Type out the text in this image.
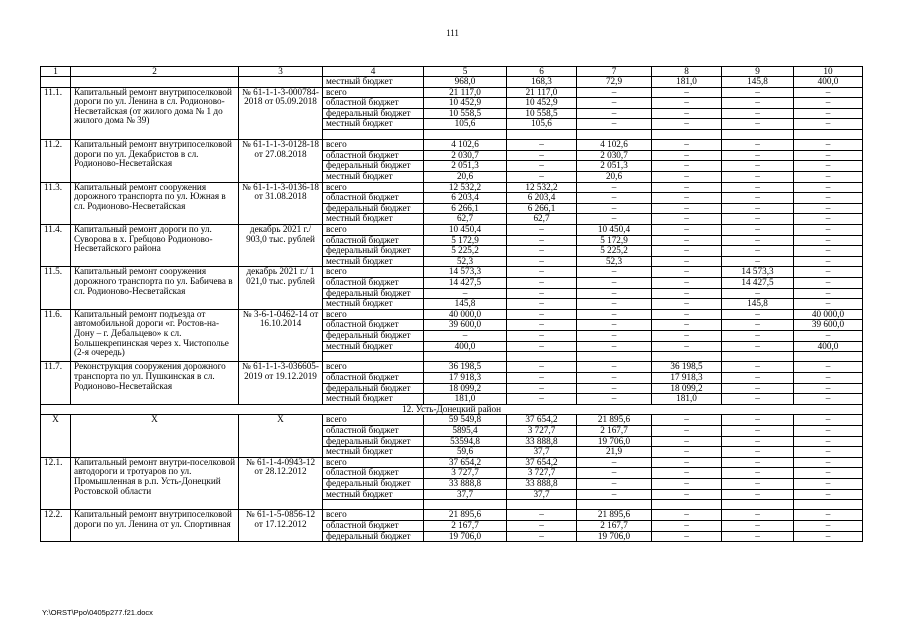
111
1	2	3	4	5	6	7	8	9	10
			местный бюджет	968,0	168,3	72,9	181,0	145,8	400,0
11.1.	Капитальный ремонт внутрипоселковой дороги по ул. Ленина в сл. Родионово-Несветайская (от жилого дома № 1 до жилого дома № 39)	№ 61-1-1-3-000784-2018 от 05.09.2018	всего	21 117,0	21 117,0	–	–	–	–
			областной бюджет	10 452,9	10 452,9	–	–	–	–
			федеральный бюджет	10 558,5	10 558,5	–	–	–	–
			местный бюджет	105,6	105,6	–	–	–	–

11.2.	Капитальный ремонт внутрипоселковой дороги по ул. Декабристов в сл. Родионово-Несветайская	№ 61-1-1-3-0128-18 от 27.08.2018	всего	4 102,6	–	4 102,6	–	–	–
			областной бюджет	2 030,7	–	2 030,7	–	–	–
			федеральный бюджет	2 051,3	–	2 051,3	–	–	–
			местный бюджет	20,6	–	20,6	–	–	–
11.3.	Капитальный ремонт сооружения дорожного транспорта по ул. Южная в сл. Родионово-Несветайская	№ 61-1-1-3-0136-18 от 31.08.2018	всего	12 532,2	12 532,2	–	–	–	–
			областной бюджет	6 203,4	6 203,4	–	–	–	–
			федеральный бюджет	6 266,1	6 266,1	–	–	–	–
			местный бюджет	62,7	62,7	–	–	–	–
11.4.	Капитальный ремонт дороги по ул. Суворова в х. Гребцово Родионово-Несветайского района	декабрь 2021 г./ 903,0 тыс. рублей	всего	10 450,4	–	10 450,4	–	–	–
			областной бюджет	5 172,9	–	5 172,9	–	–	–
			федеральный бюджет	5 225,2	–	5 225,2	–	–	–
			местный бюджет	52,3	–	52,3	–	–	–
11.5.	Капитальный ремонт сооружения дорожного транспорта по ул. Бабичева в сл. Родионово-Несветайская	декабрь 2021 г./ 1 021,0 тыс. рублей	всего	14 573,3	–	–	–	14 573,3	–
			областной бюджет	14 427,5	–	–	–	14 427,5	–
			федеральный бюджет	–	–	–	–	–	–
			местный бюджет	145,8	–	–	–	145,8	–
11.6.	Капитальный ремонт подъезда от автомобильной дороги «г. Ростов-на-Дону – г. Дебальцево» к сл. Большекрепинская через х. Чистополье (2-я очередь)	№ 3-6-1-0462-14 от 16.10.2014	всего	40 000,0	–	–	–	–	40 000,0
			областной бюджет	39 600,0	–	–	–	–	39 600,0
			федеральный бюджет	–	–	–	–	–	–
			местный бюджет	400,0	–	–	–	–	400,0

11.7.	Реконструкция сооружения дорожного транспорта по ул. Пушкинская в сл. Родионово-Несветайская	№ 61-1-1-3-036605-2019 от 19.12.2019	всего	36 198,5	–	–	36 198,5	–	–
			областной бюджет	17 918,3	–	–	17 918,3	–	–
			федеральный бюджет	18 099,2	–	–	18 099,2	–	–
			местный бюджет	181,0	–	–	181,0	–	–
12. Усть-Донецкий район									
Х	Х	Х	всего	59 549,8	37 654,2	21 895,6	–	–	–
			областной бюджет	5895,4	3 727,7	2 167,7	–	–	–
			федеральный бюджет	53594,8	33 888,8	19 706,0	–	–	–
			местный бюджет	59,6	37,7	21,9	–	–	–
12.1.	Капитальный ремонт внутри-поселковой автодороги и тротуаров по ул. Промышленная в р.п. Усть-Донецкий Ростовской области	№ 61-1-4-0943-12 от 28.12.2012	всего	37 654,2	37 654,2	–	–	–	–
			областной бюджет	3 727,7	3 727,7	–	–	–	–
			федеральный бюджет	33 888,8	33 888,8	–	–	–	–
			местный бюджет	37,7	37,7	–	–	–	–

12.2.	Капитальный ремонт внутрипоселковой дороги по ул. Ленина от ул. Спортивная	№ 61-1-5-0856-12 от 17.12.2012	всего	21 895,6	–	21 895,6	–	–	–
			областной бюджет	2 167,7	–	2 167,7	–	–	–
			федеральный бюджет	19 706,0	–	19 706,0	–	–	–
Y:\ORST\Ppo\0405p277.f21.docx
